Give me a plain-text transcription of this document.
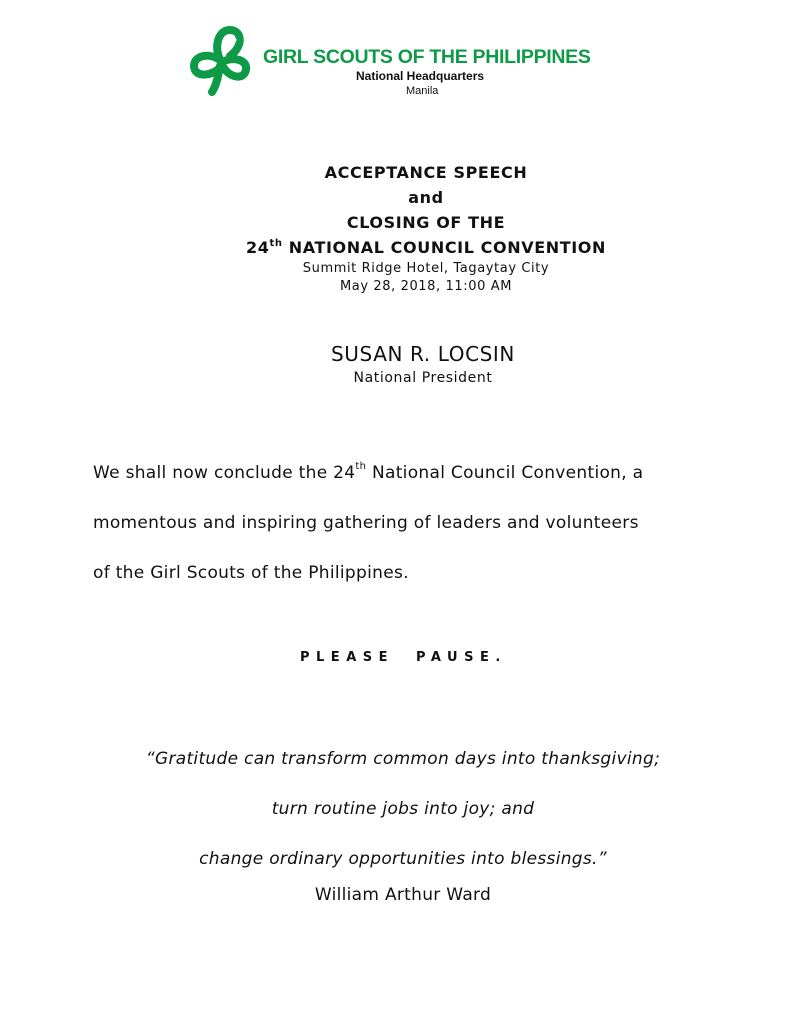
GIRL SCOUTS OF THE PHILIPPINES
National Headquarters
Manila
ACCEPTANCE SPEECH
and
CLOSING OF THE
24th NATIONAL COUNCIL CONVENTION
Summit Ridge Hotel, Tagaytay City
May 28, 2018, 11:00 AM
SUSAN R. LOCSIN
National President
We shall now conclude the 24th National Council Convention, a
momentous and inspiring gathering of leaders and volunteers
of the Girl Scouts of the Philippines.
PLEASE  PAUSE.
“Gratitude can transform common days into thanksgiving;
turn routine jobs into joy; and
change ordinary opportunities into blessings.”
William Arthur Ward
